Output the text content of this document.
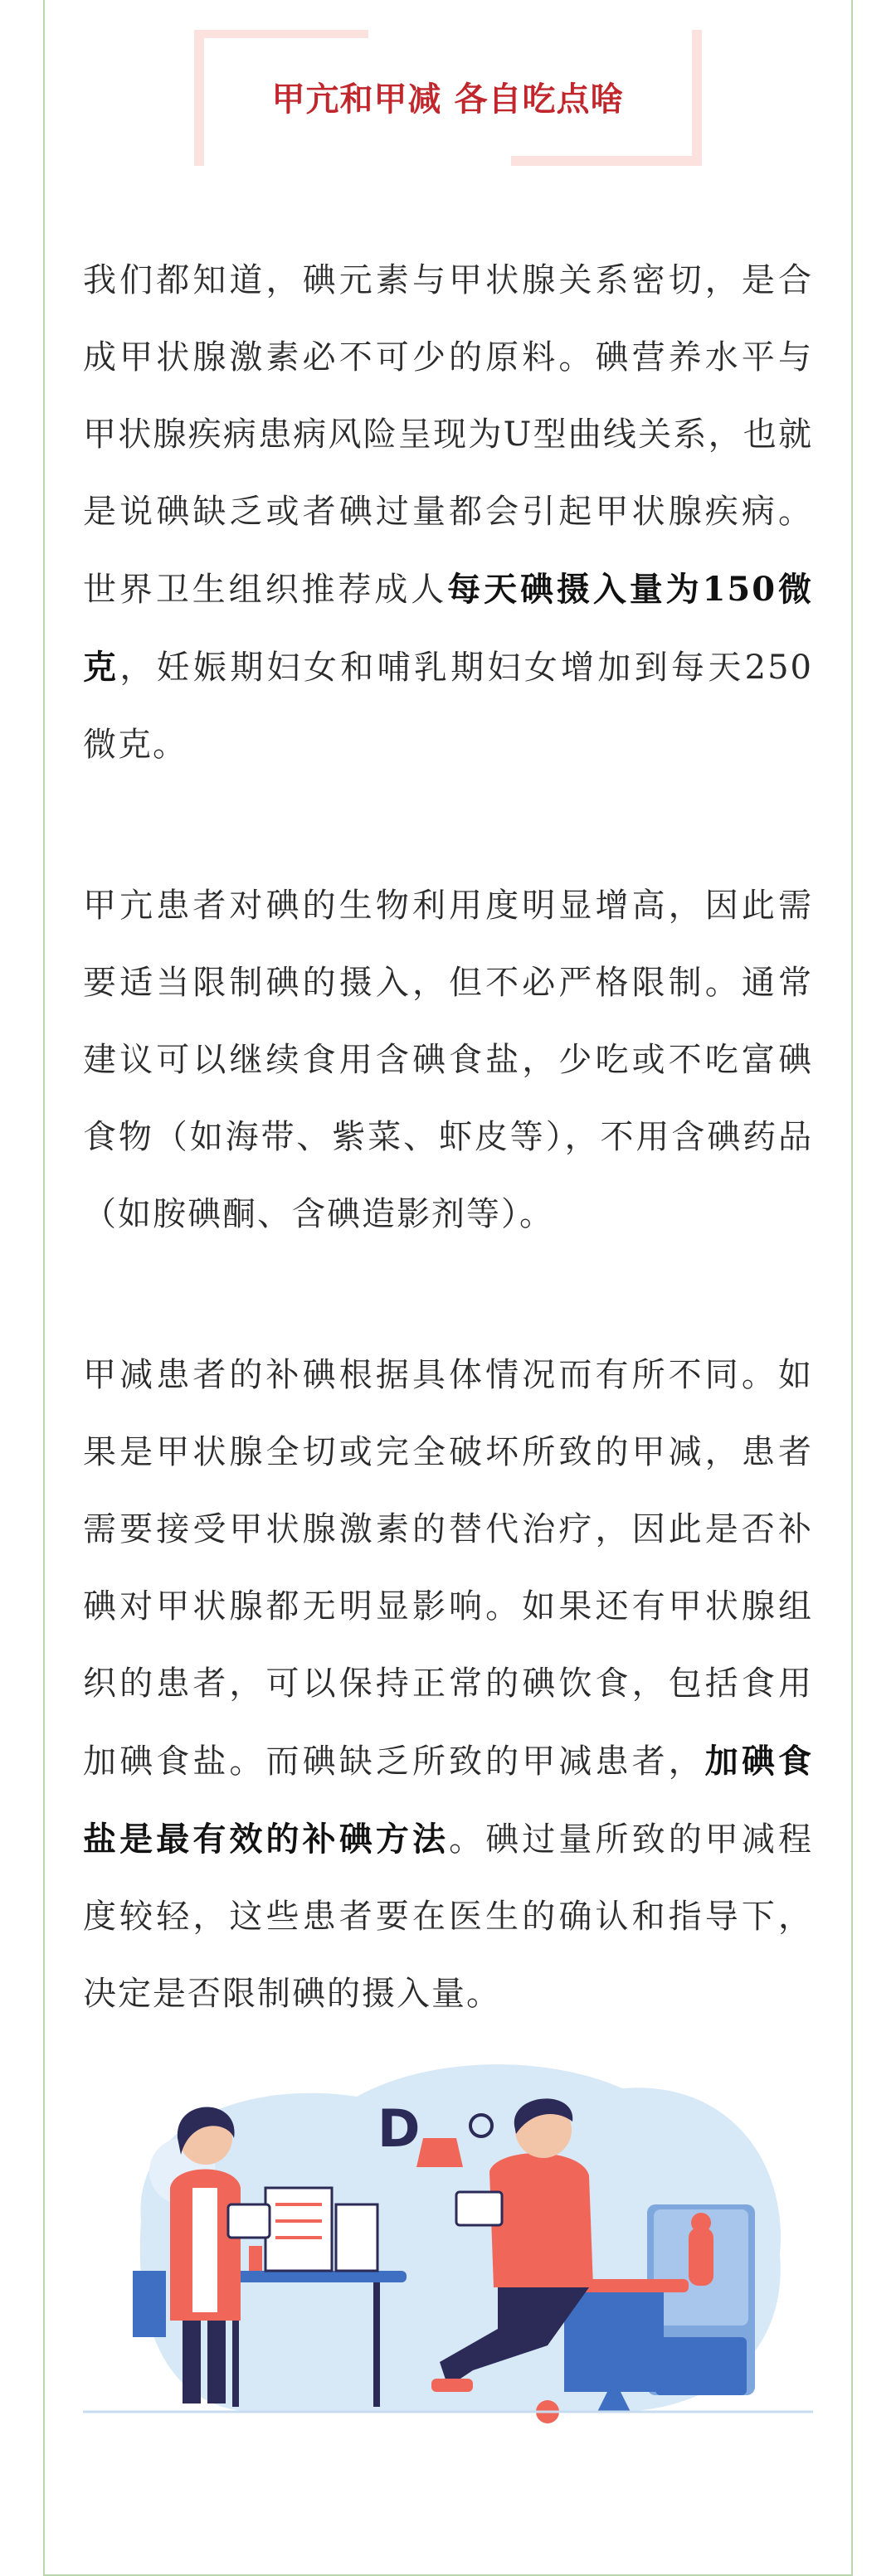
甲亢和甲减 各自吃点啥
我们都知道，碘元素与甲状腺关系密切，是合成甲状腺激素必不可少的原料。碘营养水平与甲状腺疾病患病风险呈现为U型曲线关系，也就是说碘缺乏或者碘过量都会引起甲状腺疾病。世界卫生组织推荐成人每天碘摄入量为150微克，妊娠期妇女和哺乳期妇女增加到每天250微克。
甲亢患者对碘的生物利用度明显增高，因此需要适当限制碘的摄入，但不必严格限制。通常建议可以继续食用含碘食盐，少吃或不吃富碘食物（如海带、紫菜、虾皮等），不用含碘药品（如胺碘酮、含碘造影剂等）。
甲减患者的补碘根据具体情况而有所不同。如果是甲状腺全切或完全破坏所致的甲减，患者需要接受甲状腺激素的替代治疗，因此是否补碘对甲状腺都无明显影响。如果还有甲状腺组织的患者，可以保持正常的碘饮食，包括食用加碘食盐。而碘缺乏所致的甲减患者，加碘食盐是最有效的补碘方法。碘过量所致的甲减程度较轻，这些患者要在医生的确认和指导下，决定是否限制碘的摄入量。
D
